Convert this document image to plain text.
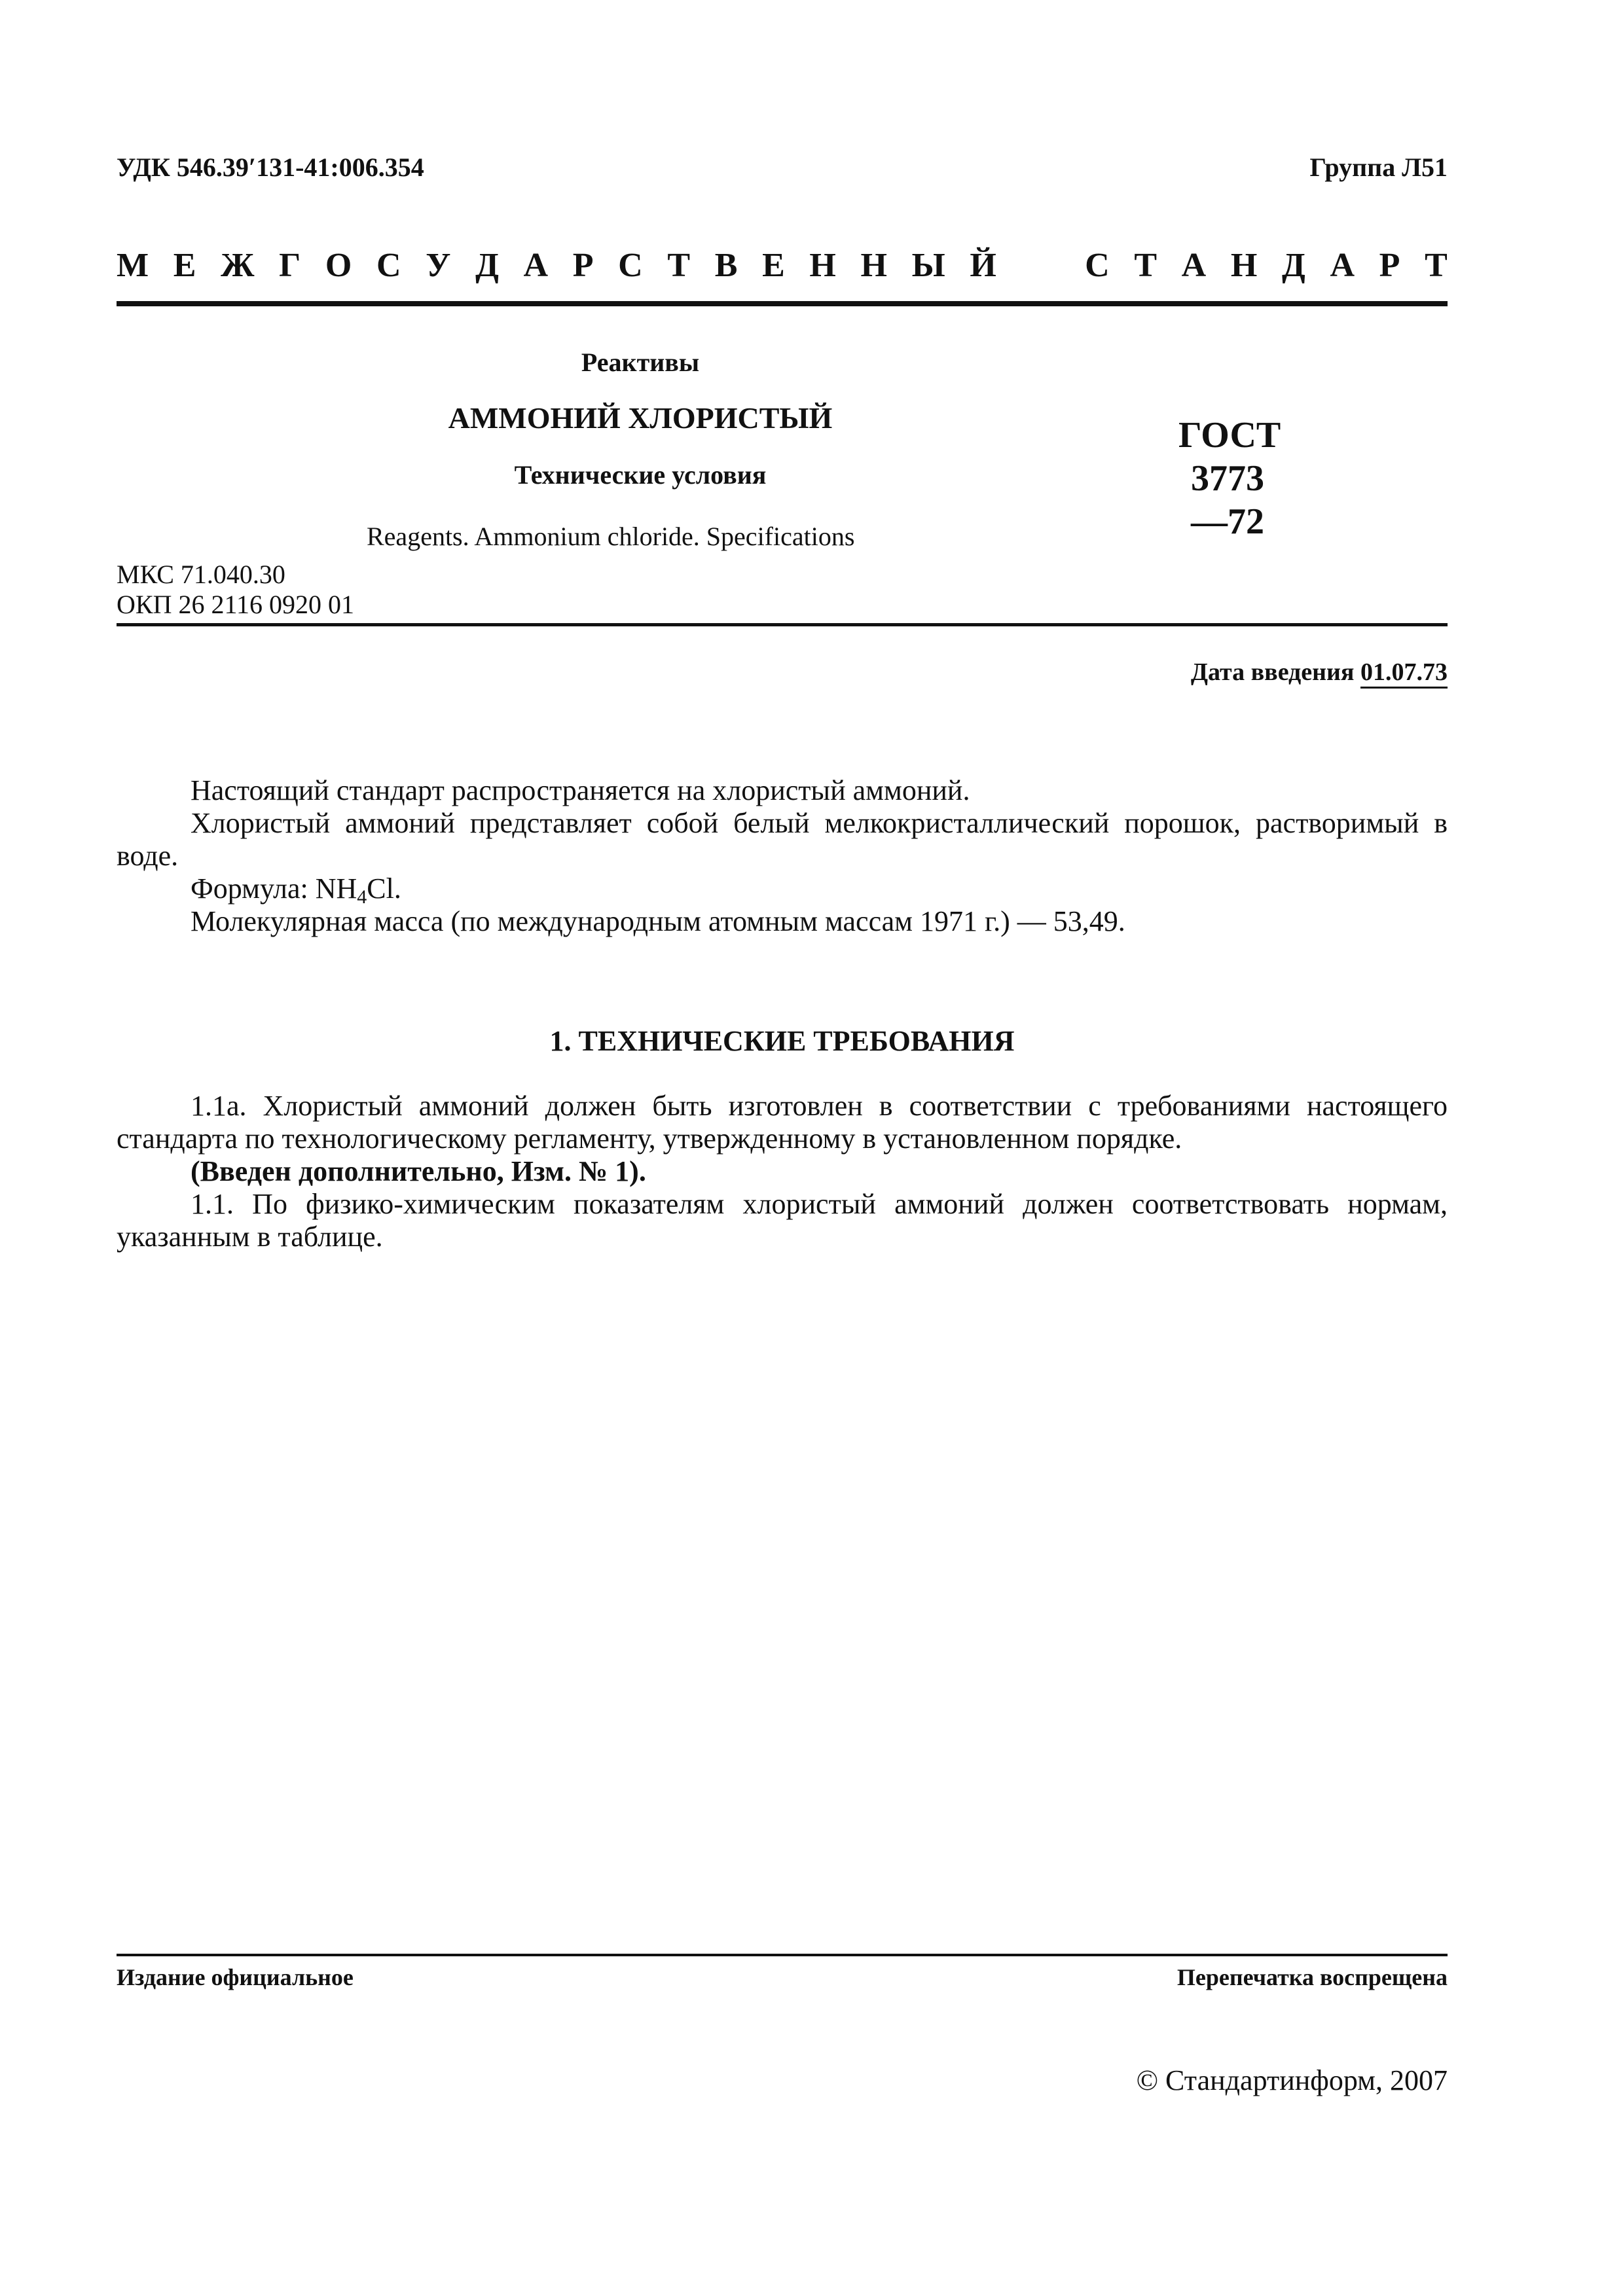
УДК 546.39′131-41:006.354	Группа Л51
М Е Ж Г О С У Д А Р С Т В Е Н Н Ы Й	С Т А Н Д А Р Т
Реактивы
АММОНИЙ ХЛОРИСТЫЙ
Технические условия
Reagents. Ammonium chloride. Specifications
ГОСТ
3773—72
МКС 71.040.30
ОКП 26 2116 0920 01
Дата введения 01.07.73

Настоящий стандарт распространяется на хлористый аммоний.

Хлористый аммоний представляет собой белый мелкокристаллический порошок, растворимый в воде.

Формула: $NH_4Cl$.

Молекулярная масса (по международным атомным массам 1971 г.) — 53,49.

1. ТЕХНИЧЕСКИЕ ТРЕБОВАНИЯ

1.1а. Хлористый аммоний должен быть изготовлен в соответствии с требованиями настоящего стандарта по технологическому регламенту, утвержденному в установленном порядке.

(Введен дополнительно, Изм. № 1).

1.1. По физико-химическим показателям хлористый аммоний должен соответствовать нормам, указанным в таблице.

Издание официальное	Перепечатка воспрещена
© Стандартинформ, 2007
